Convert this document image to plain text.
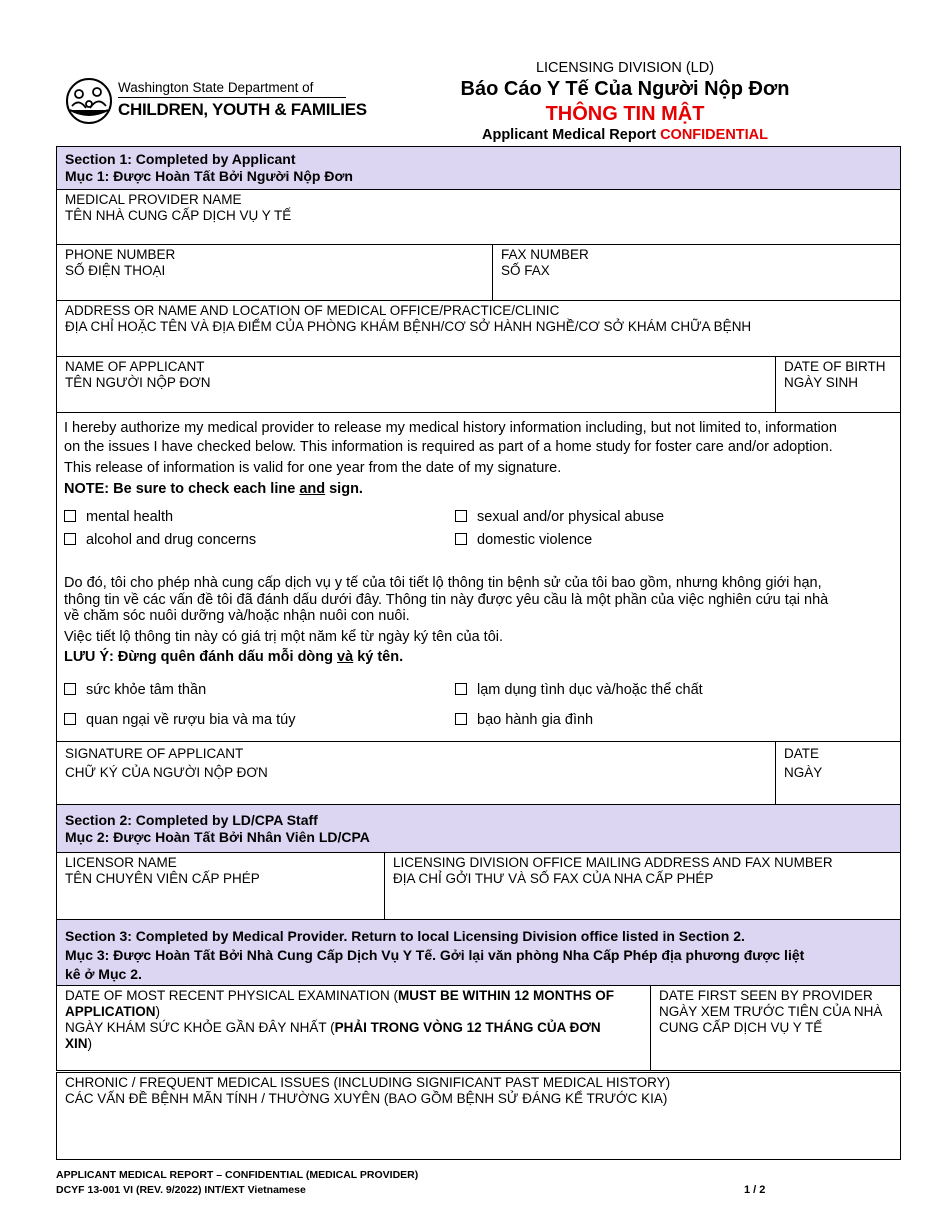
Washington State Department of
CHILDREN, YOUTH & FAMILIES
LICENSING DIVISION (LD)
Báo Cáo Y Tế Của Người Nộp Đơn
THÔNG TIN MẬT
Applicant Medical Report CONFIDENTIAL
Section 1: Completed by Applicant
Mục 1: Được Hoàn Tất Bởi Người Nộp Đơn
MEDICAL PROVIDER NAME
TÊN NHÀ CUNG CẤP DỊCH VỤ Y TẾ
PHONE NUMBER
SỐ ĐIỆN THOẠI
FAX NUMBER
SỐ FAX
ADDRESS OR NAME AND LOCATION OF MEDICAL OFFICE/PRACTICE/CLINIC
ĐỊA CHỈ HOẶC TÊN VÀ ĐỊA ĐIỂM CỦA PHÒNG KHÁM BỆNH/CƠ SỞ HÀNH NGHỀ/CƠ SỞ KHÁM CHỮA BỆNH
NAME OF APPLICANT
TÊN NGƯỜI NỘP ĐƠN
DATE OF BIRTH
NGÀY SINH
I hereby authorize my medical provider to release my medical history information including, but not limited to, information
on the issues I have checked below. This information is required as part of a home study for foster care and/or adoption.
This release of information is valid for one year from the date of my signature.
NOTE: Be sure to check each line and sign.
mental health	sexual and/or physical abuse
alcohol and drug concerns	domestic violence
Do đó, tôi cho phép nhà cung cấp dịch vụ y tế của tôi tiết lộ thông tin bệnh sử của tôi bao gồm, nhưng không giới hạn,
thông tin về các vấn đề tôi đã đánh dấu dưới đây. Thông tin này được yêu cầu là một phần của việc nghiên cứu tại nhà
về chăm sóc nuôi dưỡng và/hoặc nhận nuôi con nuôi.
Việc tiết lộ thông tin này có giá trị một năm kể từ ngày ký tên của tôi.
LƯU Ý: Đừng quên đánh dấu mỗi dòng và ký tên.
sức khỏe tâm thần	lạm dụng tình dục và/hoặc thể chất
quan ngại về rượu bia và ma túy	bạo hành gia đình
SIGNATURE OF APPLICANT
CHỮ KÝ CỦA NGƯỜI NỘP ĐƠN
DATE
NGÀY
Section 2: Completed by LD/CPA Staff
Mục 2: Được Hoàn Tất Bởi Nhân Viên LD/CPA
LICENSOR NAME
TÊN CHUYÊN VIÊN CẤP PHÉP
LICENSING DIVISION OFFICE MAILING ADDRESS AND FAX NUMBER
ĐỊA CHỈ GỞI THƯ VÀ SỐ FAX CỦA NHA CẤP PHÉP
Section 3: Completed by Medical Provider. Return to local Licensing Division office listed in Section 2.
Mục 3: Được Hoàn Tất Bởi Nhà Cung Cấp Dịch Vụ Y Tế. Gởi lại văn phòng Nha Cấp Phép địa phương được liệt
kê ở Mục 2.
DATE OF MOST RECENT PHYSICAL EXAMINATION (MUST BE WITHIN 12 MONTHS OF
APPLICATION)
NGÀY KHÁM SỨC KHỎE GẦN ĐÂY NHẤT (PHẢI TRONG VÒNG 12 THÁNG CỦA ĐƠN
XIN)
DATE FIRST SEEN BY PROVIDER
NGÀY XEM TRƯỚC TIÊN CỦA NHÀ
CUNG CẤP DỊCH VỤ Y TẾ
CHRONIC / FREQUENT MEDICAL ISSUES (INCLUDING SIGNIFICANT PAST MEDICAL HISTORY)
CÁC VẤN ĐỀ BỆNH MÃN TÍNH / THƯỜNG XUYÊN (BAO GỒM BỆNH SỬ ĐÁNG KỂ TRƯỚC KIA)
APPLICANT MEDICAL REPORT – CONFIDENTIAL (MEDICAL PROVIDER)
DCYF 13-001 VI (REV. 9/2022) INT/EXT Vietnamese	1 / 2
